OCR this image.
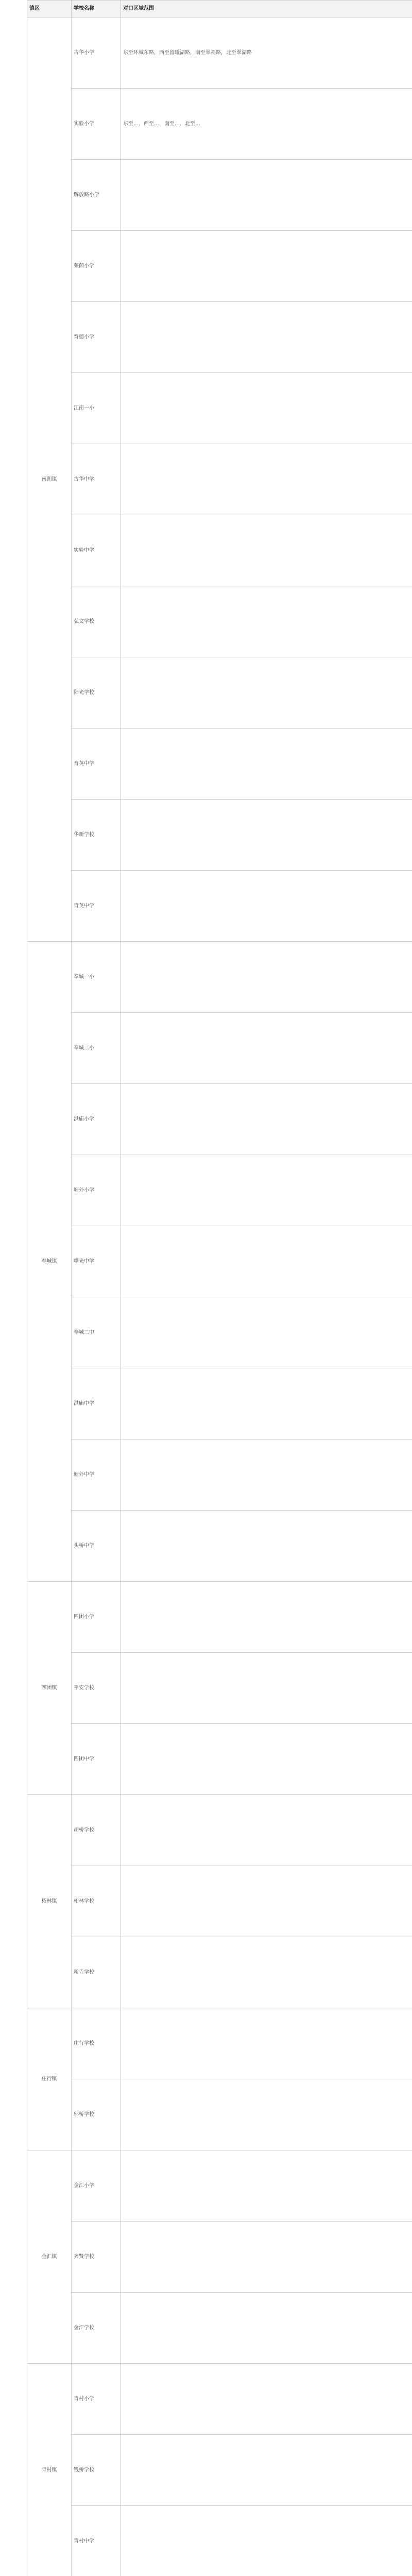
镇区	学校名称	对口区域范围
南朗镇	古华小学	东至环城东路，西至留曦湖路，南至翠福路，北至翠湖路
	实验小学	东至…，西至…，南至…，北至…
	解放路小学	
	莱茵小学	
	育德小学	
	江南一小	
	古华中学	
	实验中学	
	弘文学校	
	阳光学校	
	育英中学	
	华新学校	
	青英中学	
奉城镇	奉城一小	
	奉城二小	
	洪庙小学	
	塘外小学	
	曙光中学	
	奉城二中	
	洪庙中学	
	塘外中学	
	头桥中学	
四团镇	四团小学	
	平安学校	
	四团中学	
柘林镇	胡桥学校	
	柘林学校	
	新寺学校	
庄行镇	庄行学校	
	邬桥学校	
金汇镇	金汇小学	
	齐贤学校	
	金汇学校	
青村镇	青村小学	
	钱桥学校	
	青村中学	
